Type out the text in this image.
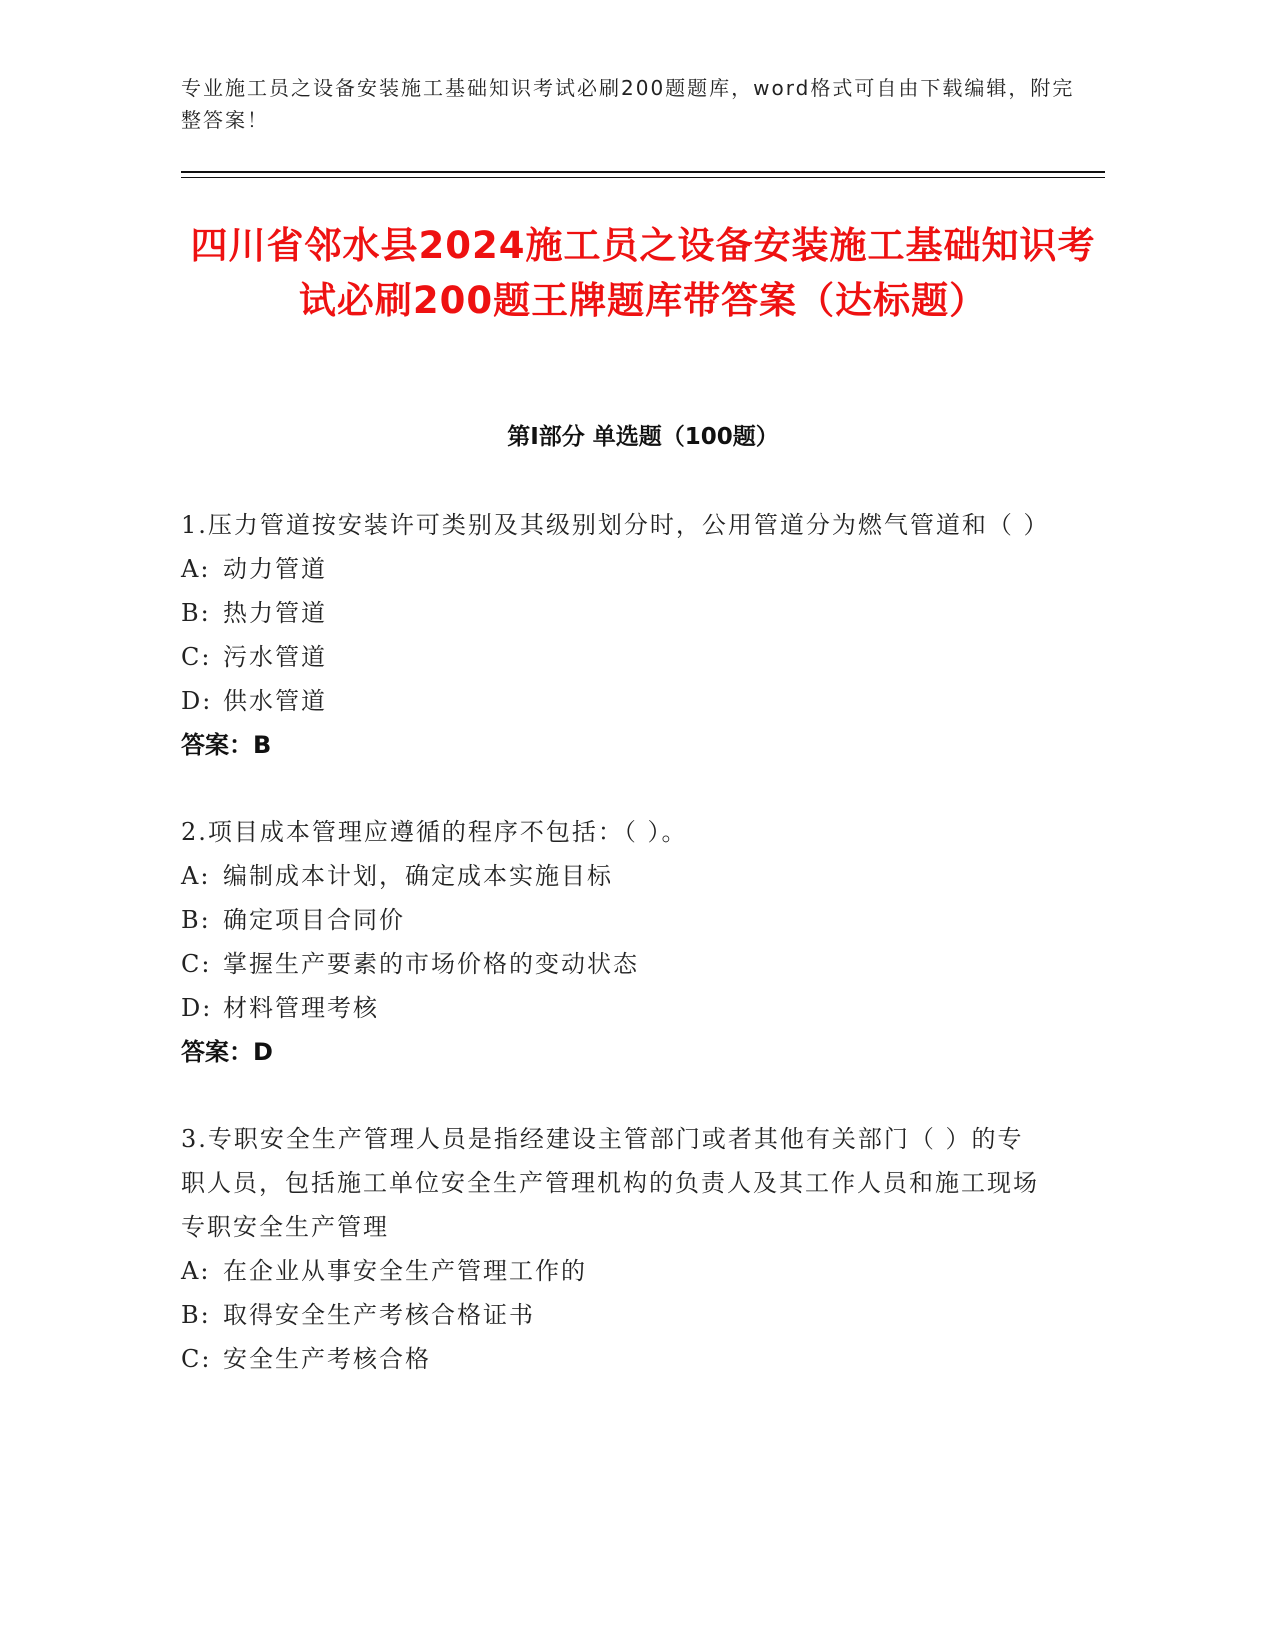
专业施工员之设备安装施工基础知识考试必刷200题题库，word格式可自由下载编辑，附完整答案！
四川省邻水县2024施工员之设备安装施工基础知识考试必刷200题王牌题库带答案（达标题）
第I部分 单选题（100题）
1.压力管道按安装许可类别及其级别划分时，公用管道分为燃气管道和（ ）
A: 动力管道
B: 热力管道
C: 污水管道
D: 供水管道
答案：B
2.项目成本管理应遵循的程序不包括：（ ）。
A: 编制成本计划，确定成本实施目标
B: 确定项目合同价
C: 掌握生产要素的市场价格的变动状态
D: 材料管理考核
答案：D
3.专职安全生产管理人员是指经建设主管部门或者其他有关部门（ ）的专职人员，包括施工单位安全生产管理机构的负责人及其工作人员和施工现场专职安全生产管理
A: 在企业从事安全生产管理工作的
B: 取得安全生产考核合格证书
C: 安全生产考核合格
